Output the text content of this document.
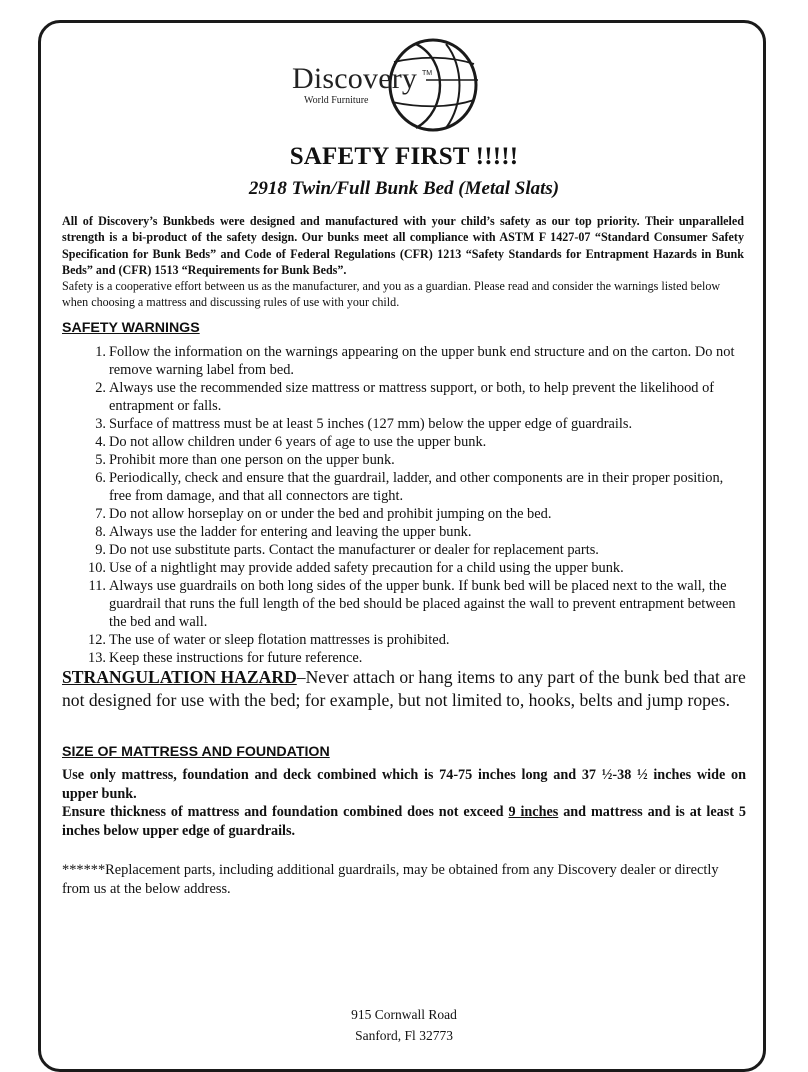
Discovery TM
World Furniture
SAFETY FIRST !!!!!
2918 Twin/Full Bunk Bed (Metal Slats)
All of Discovery’s Bunkbeds were designed and manufactured with your child’s safety as our top priority. Their unparalleled strength is a bi-product of the safety design. Our bunks meet all compliance with ASTM F 1427-07 “Standard Consumer Safety Specification for Bunk Beds” and Code of Federal Regulations (CFR) 1213 “Safety Standards for Entrapment Hazards in Bunk Beds” and (CFR) 1513 “Requirements for Bunk Beds”.
Safety is a cooperative effort between us as the manufacturer, and you as a guardian. Please read and consider the warnings listed below when choosing a mattress and discussing rules of use with your child.
SAFETY WARNINGS
1. Follow the information on the warnings appearing on the upper bunk end structure and on the carton. Do not remove warning label from bed.
2. Always use the recommended size mattress or mattress support, or both, to help prevent the likelihood of entrapment or falls.
3. Surface of mattress must be at least 5 inches (127 mm) below the upper edge of guardrails.
4. Do not allow children under 6 years of age to use the upper bunk.
5. Prohibit more than one person on the upper bunk.
6. Periodically, check and ensure that the guardrail, ladder, and other components are in their proper position, free from damage, and that all connectors are tight.
7. Do not allow horseplay on or under the bed and prohibit jumping on the bed.
8. Always use the ladder for entering and leaving the upper bunk.
9. Do not use substitute parts. Contact the manufacturer or dealer for replacement parts.
10. Use of a nightlight may provide added safety precaution for a child using the upper bunk.
11. Always use guardrails on both long sides of the upper bunk. If bunk bed will be placed next to the wall, the guardrail that runs the full length of the bed should be placed against the wall to prevent entrapment between the bed and wall.
12. The use of water or sleep flotation mattresses is prohibited.
13. Keep these instructions for future reference.
STRANGULATION HAZARD–Never attach or hang items to any part of the bunk bed that are not designed for use with the bed; for example, but not limited to, hooks, belts and jump ropes.
SIZE OF MATTRESS AND FOUNDATION

Use only mattress, foundation and deck combined which is 74-75 inches long and 37 ½-38 ½ inches wide on upper bunk.

Ensure thickness of mattress and foundation combined does not exceed 9 inches and mattress and is at least 5 inches below upper edge of guardrails.

******Replacement parts, including additional guardrails, may be obtained from any Discovery dealer or directly from us at the below address.
915 Cornwall Road
Sanford, Fl 32773
